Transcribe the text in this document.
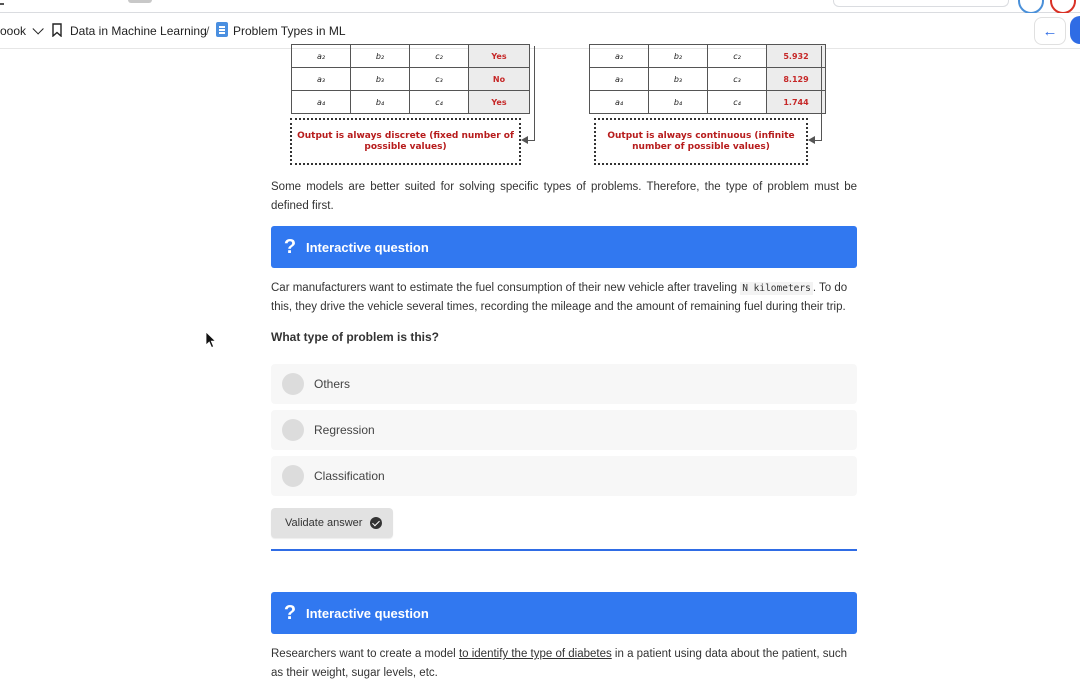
oook	Data in Machine Learning / Problem Types in ML	←
a₂	b₂	c₂	Yes
a₃	b₃	c₃	No
a₄	b₄	c₄	Yes
Output is always discrete (fixed number of possible values)
a₂	b₂	c₂	5.932
a₃	b₃	c₃	8.129
a₄	b₄	c₄	1.744
Output is always continuous (infinite number of possible values)
Some models are better suited for solving specific types of problems. Therefore, the type of problem must be defined first.
? Interactive question
Car manufacturers want to estimate the fuel consumption of their new vehicle after traveling N kilometers . To do this, they drive the vehicle several times, recording the mileage and the amount of remaining fuel during their trip.
What type of problem is this?
Others
Regression
Classification
Validate answer
? Interactive question
Researchers want to create a model to identify the type of diabetes in a patient using data about the patient, such as their weight, sugar levels, etc.
